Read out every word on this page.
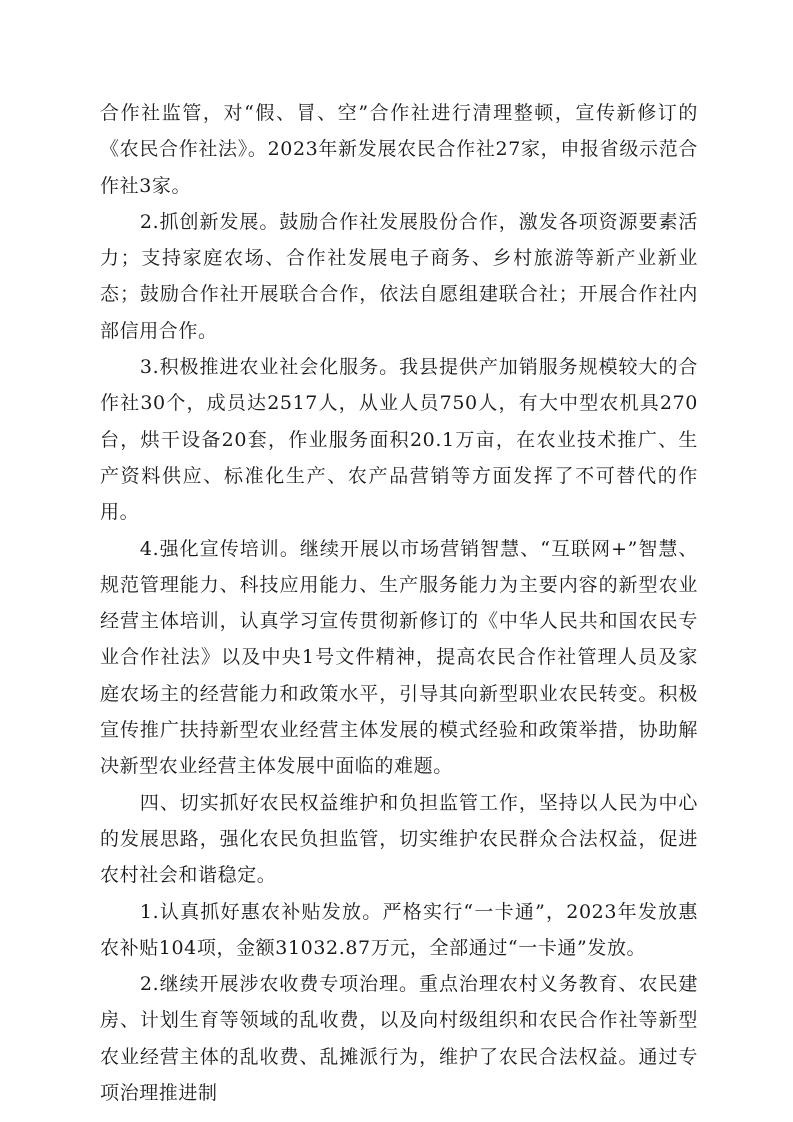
合作社监管，对“假、冒、空”合作社进行清理整顿，宣传新修订的《农民合作社法》。2023年新发展农民合作社27家，申报省级示范合作社3家。

2.抓创新发展。鼓励合作社发展股份合作，激发各项资源要素活力；支持家庭农场、合作社发展电子商务、乡村旅游等新产业新业态；鼓励合作社开展联合合作，依法自愿组建联合社；开展合作社内部信用合作。

3.积极推进农业社会化服务。我县提供产加销服务规模较大的合作社30个，成员达2517人，从业人员750人，有大中型农机具270台，烘干设备20套，作业服务面积20.1万亩，在农业技术推广、生产资料供应、标准化生产、农产品营销等方面发挥了不可替代的作用。

4.强化宣传培训。继续开展以市场营销智慧、“互联网+”智慧、规范管理能力、科技应用能力、生产服务能力为主要内容的新型农业经营主体培训，认真学习宣传贯彻新修订的《中华人民共和国农民专业合作社法》以及中央1号文件精神，提高农民合作社管理人员及家庭农场主的经营能力和政策水平，引导其向新型职业农民转变。积极宣传推广扶持新型农业经营主体发展的模式经验和政策举措，协助解决新型农业经营主体发展中面临的难题。

四、切实抓好农民权益维护和负担监管工作，坚持以人民为中心的发展思路，强化农民负担监管，切实维护农民群众合法权益，促进农村社会和谐稳定。

1.认真抓好惠农补贴发放。严格实行“一卡通”，2023年发放惠农补贴104项，金额31032.87万元，全部通过“一卡通”发放。

2.继续开展涉农收费专项治理。重点治理农村义务教育、农民建房、计划生育等领域的乱收费，以及向村级组织和农民合作社等新型农业经营主体的乱收费、乱摊派行为，维护了农民合法权益。通过专项治理推进制
